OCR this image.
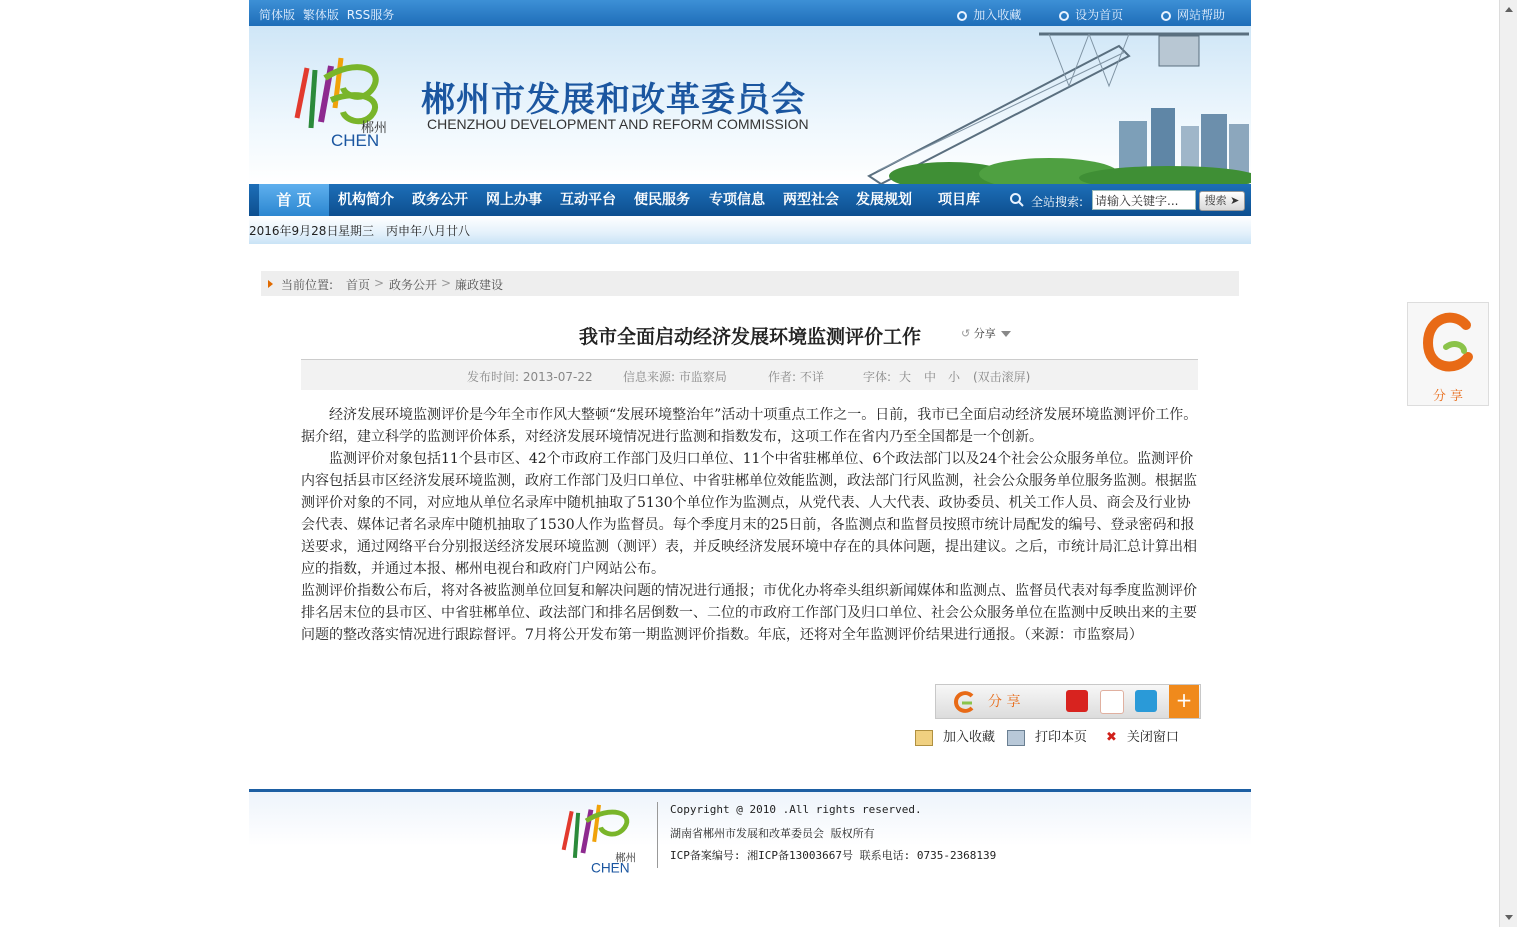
简体版 繁体版 RSS服务	加入收藏	设为首页	网站帮助
郴州
CHEN
郴州市发展和改革委员会
CHENZHOU DEVELOPMENT AND REFORM COMMISSION
首 页	机构简介 政务公开 网上办事 互动平台 便民服务 专项信息 两型社会 发展规划 项目库	全站搜索:
请输入关键字...	搜索 ➤
2016年9月28日 星期三 丙申年八月廿八
当前位置: 首页 > 政务公开 > 廉政建设
我市全面启动经济发展环境监测评价工作	↺ 分享
发布时间: 2013-07-22	信息来源: 市监察局	作者: 不详	字体: 大 中 小 (双击滚屏)

经济发展环境监测评价是今年全市作风大整顿“发展环境整治年”活动十项重点工作之一。日前，我市已全面启动经济发展环境监测评价工作。据介绍，建立科学的监测评价体系，对经济发展环境情况进行监测和指数发布，这项工作在省内乃至全国都是一个创新。

监测评价对象包括11个县市区、42个市政府工作部门及归口单位、11个中省驻郴单位、6个政法部门以及24个社会公众服务单位。监测评价内容包括县市区经济发展环境监测，政府工作部门及归口单位、中省驻郴单位效能监测，政法部门行风监测，社会公众服务单位服务监测。根据监测评价对象的不同，对应地从单位名录库中随机抽取了5130个单位作为监测点，从党代表、人大代表、政协委员、机关工作人员、商会及行业协会代表、媒体记者名录库中随机抽取了1530人作为监督员。每个季度月末的25日前，各监测点和监督员按照市统计局配发的编号、登录密码和报送要求，通过网络平台分别报送经济发展环境监测（测评）表，并反映经济发展环境中存在的具体问题，提出建议。之后，市统计局汇总计算出相应的指数，并通过本报、郴州电视台和政府门户网站公布。

监测评价指数公布后，将对各被监测单位回复和解决问题的情况进行通报；市优化办将牵头组织新闻媒体和监测点、监督员代表对每季度监测评价排名居末位的县市区、中省驻郴单位、政法部门和排名居倒数一、二位的市政府工作部门及归口单位、社会公众服务单位在监测中反映出来的主要问题的整改落实情况进行跟踪督评。7月将公开发布第一期监测评价指数。年底，还将对全年监测评价结果进行通报。（来源：市监察局）

分 享	+
加入收藏	打印本页 ✖ 关闭窗口
郴州
CHEN
Copyright @ 2010 .All rights reserved.
湖南省郴州市发展和改革委员会 版权所有
ICP备案编号: 湘ICP备13003667号 联系电话: 0735-2368139
分 享
